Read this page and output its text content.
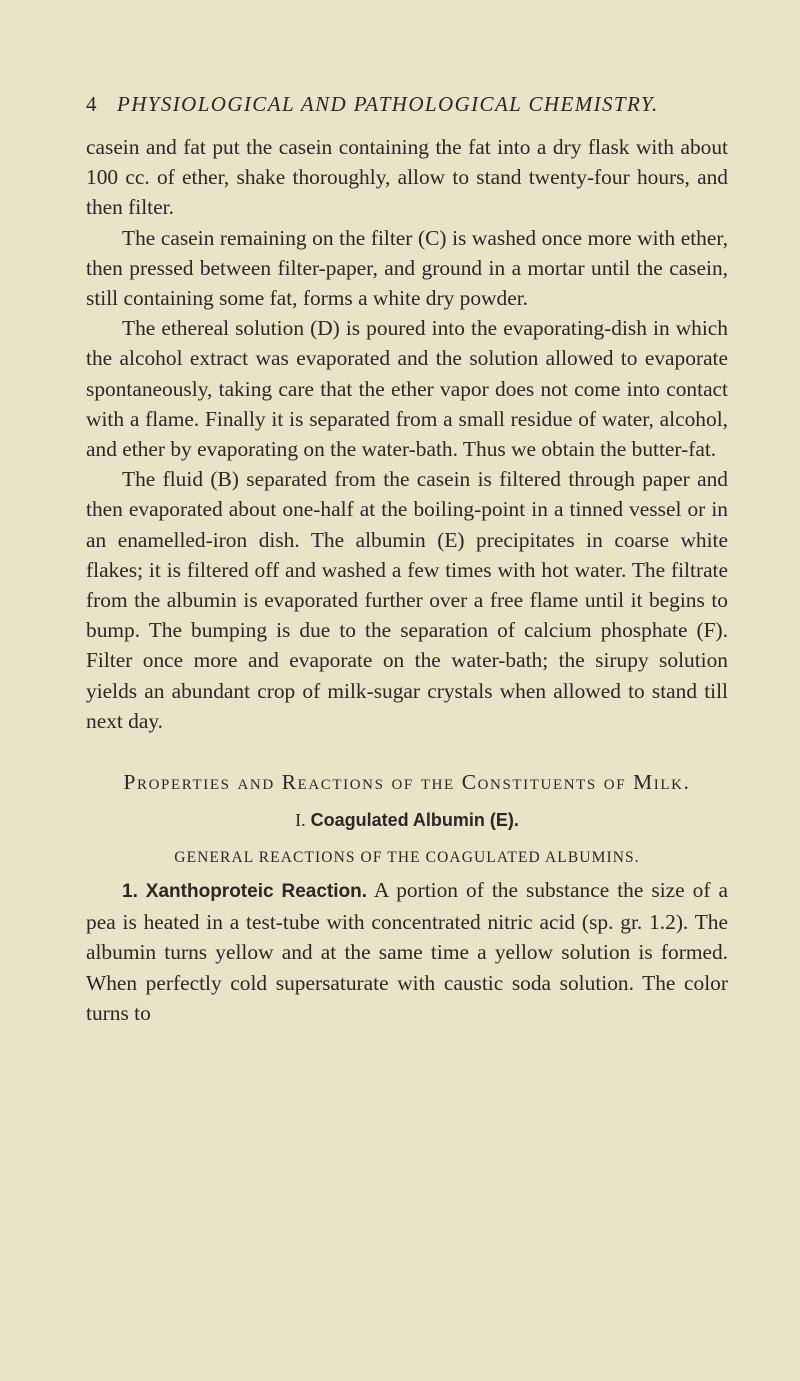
4 PHYSIOLOGICAL AND PATHOLOGICAL CHEMISTRY.

casein and fat put the casein containing the fat into a dry flask with about 100 cc. of ether, shake thoroughly, allow to stand twenty-four hours, and then filter.

The casein remaining on the filter (C) is washed once more with ether, then pressed between filter-paper, and ground in a mortar until the casein, still containing some fat, forms a white dry powder.

The ethereal solution (D) is poured into the evaporating-dish in which the alcohol extract was evaporated and the solution allowed to evaporate spontaneously, taking care that the ether vapor does not come into contact with a flame. Finally it is separated from a small residue of water, alcohol, and ether by evaporating on the water-bath. Thus we obtain the butter-fat.

The fluid (B) separated from the casein is filtered through paper and then evaporated about one-half at the boiling-point in a tinned vessel or in an enamelled-iron dish. The albumin (E) precipitates in coarse white flakes; it is filtered off and washed a few times with hot water. The filtrate from the albumin is evaporated further over a free flame until it begins to bump. The bumping is due to the separation of calcium phosphate (F). Filter once more and evaporate on the water-bath; the sirupy solution yields an abundant crop of milk-sugar crystals when allowed to stand till next day.

Properties and Reactions of the Constituents of Milk.
I. Coagulated Albumin (E).
GENERAL REACTIONS OF THE COAGULATED ALBUMINS.

1. Xanthoproteic Reaction. A portion of the substance the size of a pea is heated in a test-tube with concentrated nitric acid (sp. gr. 1.2). The albumin turns yellow and at the same time a yellow solution is formed. When perfectly cold supersaturate with caustic soda solution. The color turns to
